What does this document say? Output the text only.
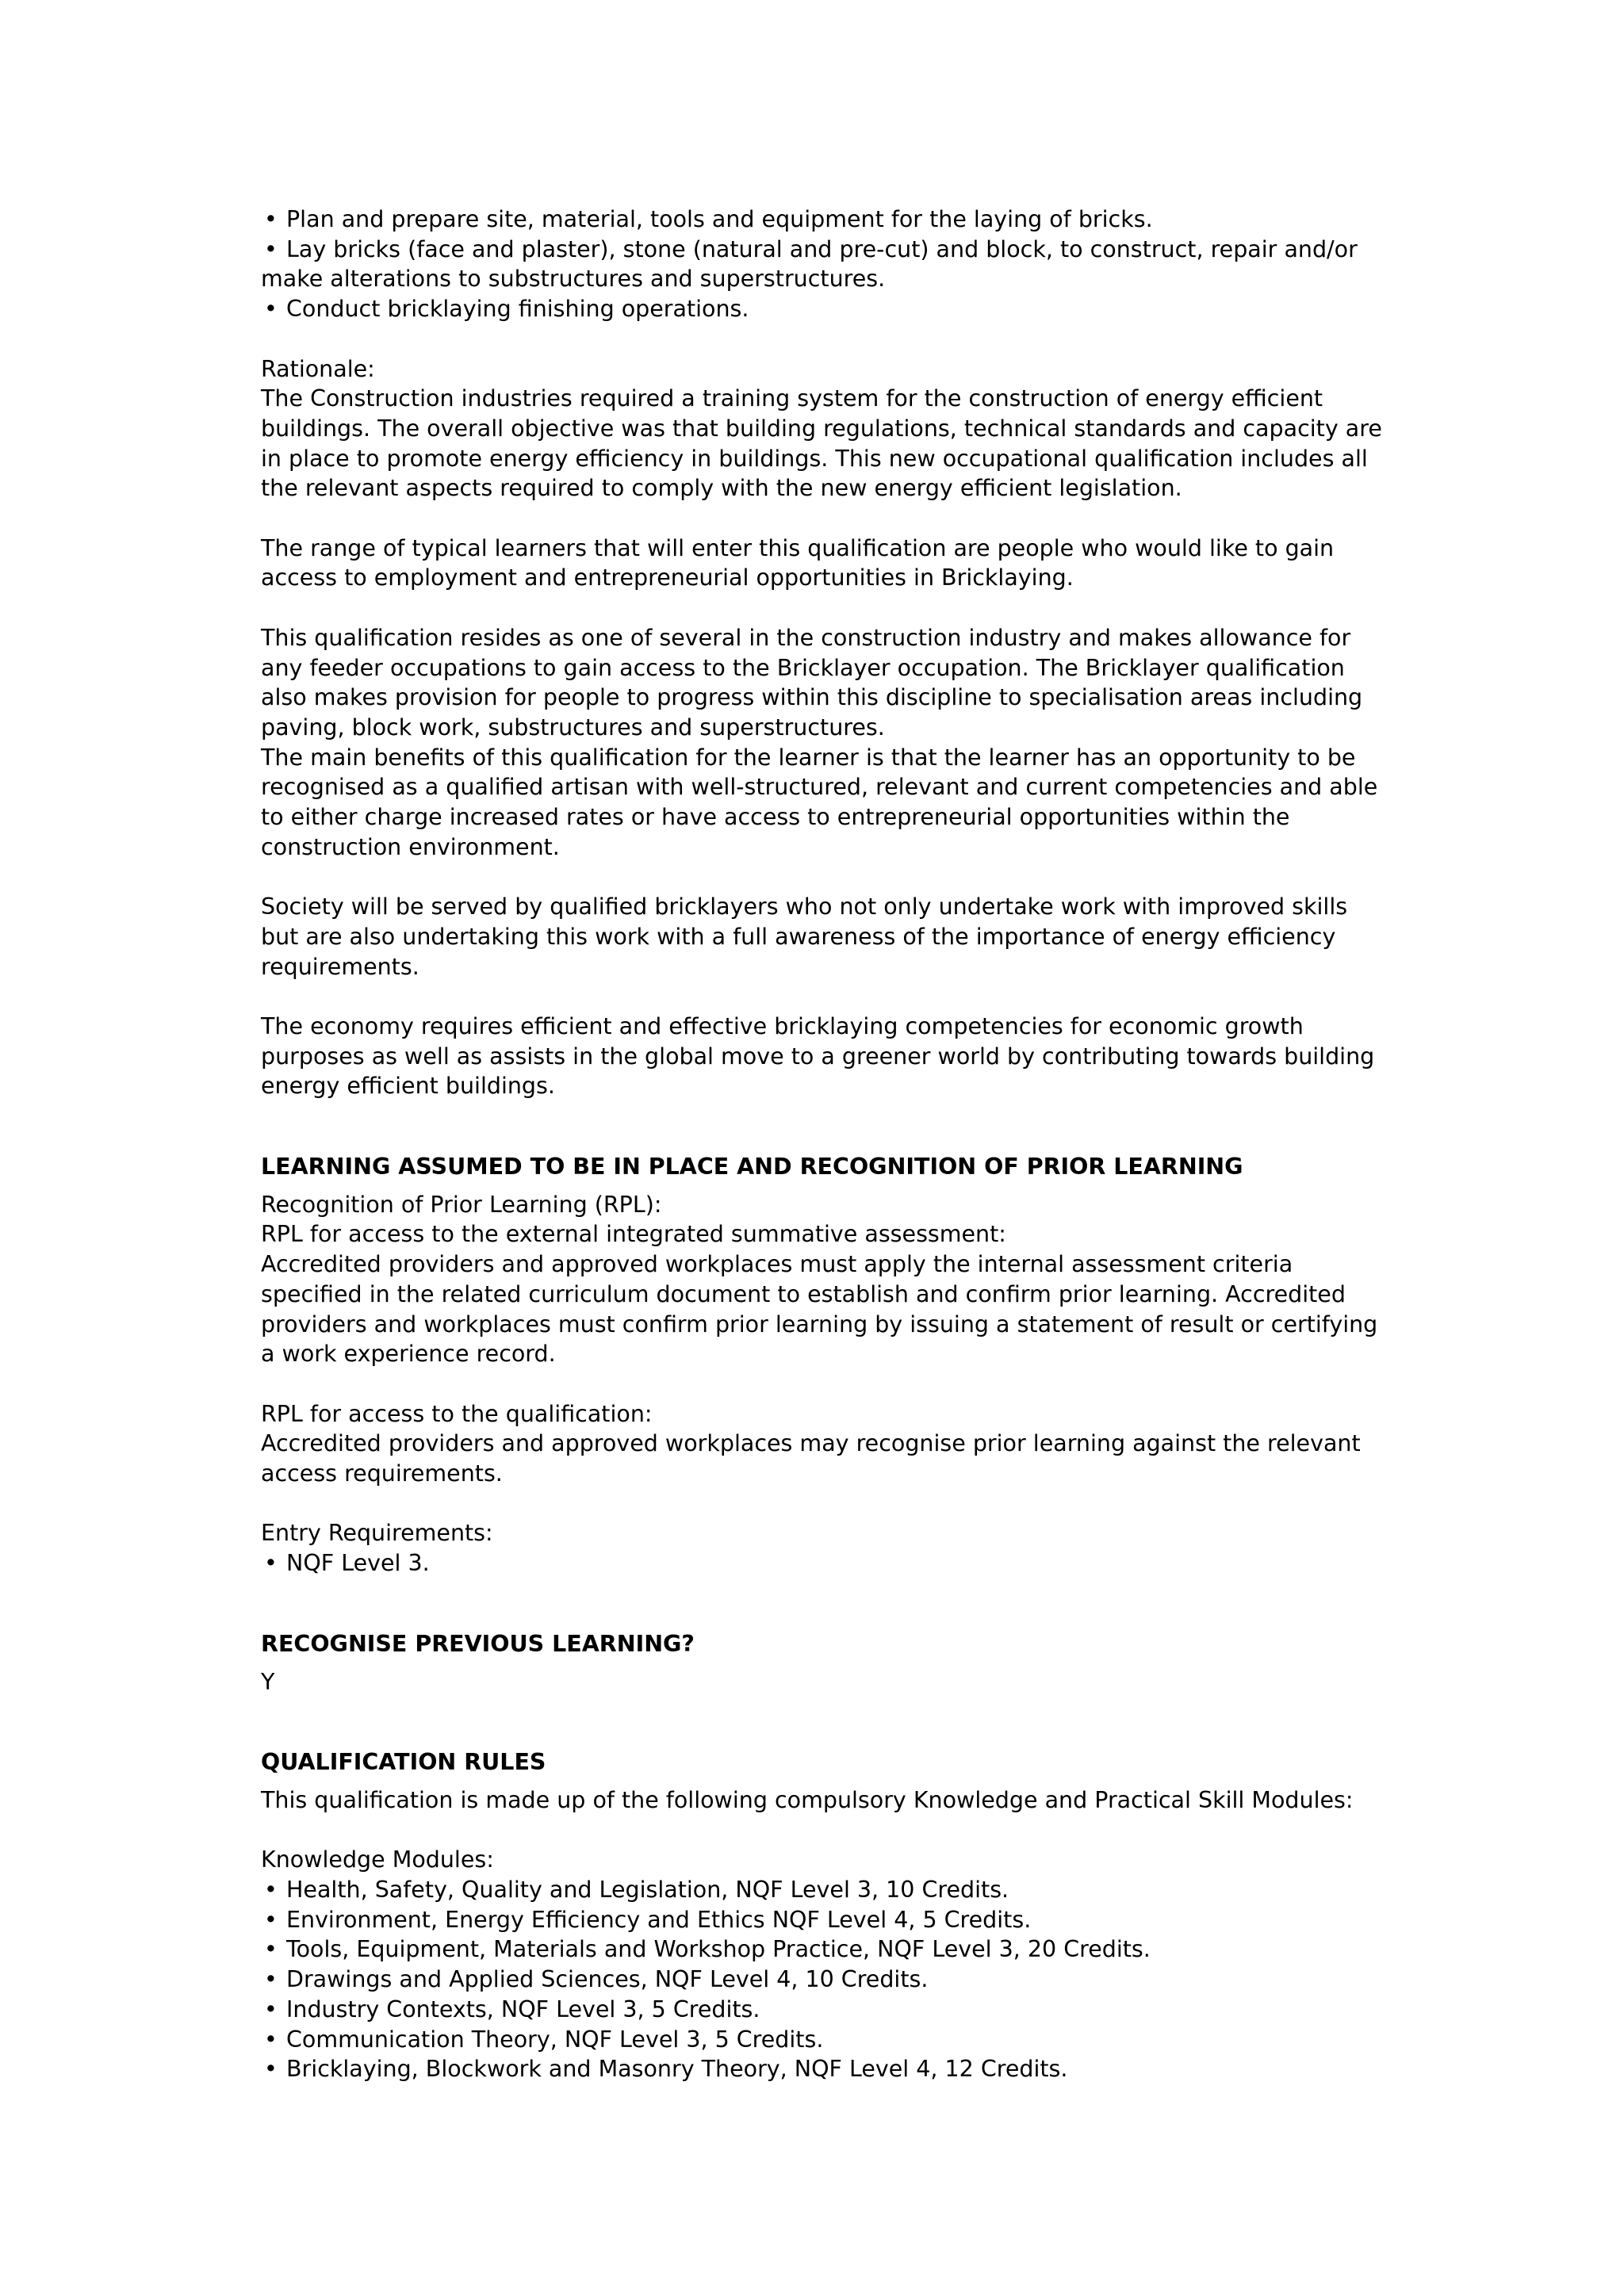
• Plan and prepare site, material, tools and equipment for the laying of bricks.
• Lay bricks (face and plaster), stone (natural and pre-cut) and block, to construct, repair and/or make alterations to substructures and superstructures.
• Conduct bricklaying finishing operations.

Rationale:

The Construction industries required a training system for the construction of energy efficient buildings. The overall objective was that building regulations, technical standards and capacity are in place to promote energy efficiency in buildings. This new occupational qualification includes all the relevant aspects required to comply with the new energy efficient legislation.

The range of typical learners that will enter this qualification are people who would like to gain access to employment and entrepreneurial opportunities in Bricklaying.

This qualification resides as one of several in the construction industry and makes allowance for any feeder occupations to gain access to the Bricklayer occupation. The Bricklayer qualification also makes provision for people to progress within this discipline to specialisation areas including paving, block work, substructures and superstructures.

The main benefits of this qualification for the learner is that the learner has an opportunity to be recognised as a qualified artisan with well-structured, relevant and current competencies and able to either charge increased rates or have access to entrepreneurial opportunities within the construction environment.

Society will be served by qualified bricklayers who not only undertake work with improved skills but are also undertaking this work with a full awareness of the importance of energy efficiency requirements.

The economy requires efficient and effective bricklaying competencies for economic growth purposes as well as assists in the global move to a greener world by contributing towards building energy efficient buildings.

LEARNING ASSUMED TO BE IN PLACE AND RECOGNITION OF PRIOR LEARNING

Recognition of Prior Learning (RPL):

RPL for access to the external integrated summative assessment:

Accredited providers and approved workplaces must apply the internal assessment criteria specified in the related curriculum document to establish and confirm prior learning. Accredited providers and workplaces must confirm prior learning by issuing a statement of result or certifying a work experience record.

RPL for access to the qualification:

Accredited providers and approved workplaces may recognise prior learning against the relevant access requirements.

Entry Requirements:

• NQF Level 3.

RECOGNISE PREVIOUS LEARNING?

Y

QUALIFICATION RULES

This qualification is made up of the following compulsory Knowledge and Practical Skill Modules:

Knowledge Modules:

• Health, Safety, Quality and Legislation, NQF Level 3, 10 Credits.
• Environment, Energy Efficiency and Ethics NQF Level 4, 5 Credits.
• Tools, Equipment, Materials and Workshop Practice, NQF Level 3, 20 Credits.
• Drawings and Applied Sciences, NQF Level 4, 10 Credits.
• Industry Contexts, NQF Level 3, 5 Credits.
• Communication Theory, NQF Level 3, 5 Credits.
• Bricklaying, Blockwork and Masonry Theory, NQF Level 4, 12 Credits.
